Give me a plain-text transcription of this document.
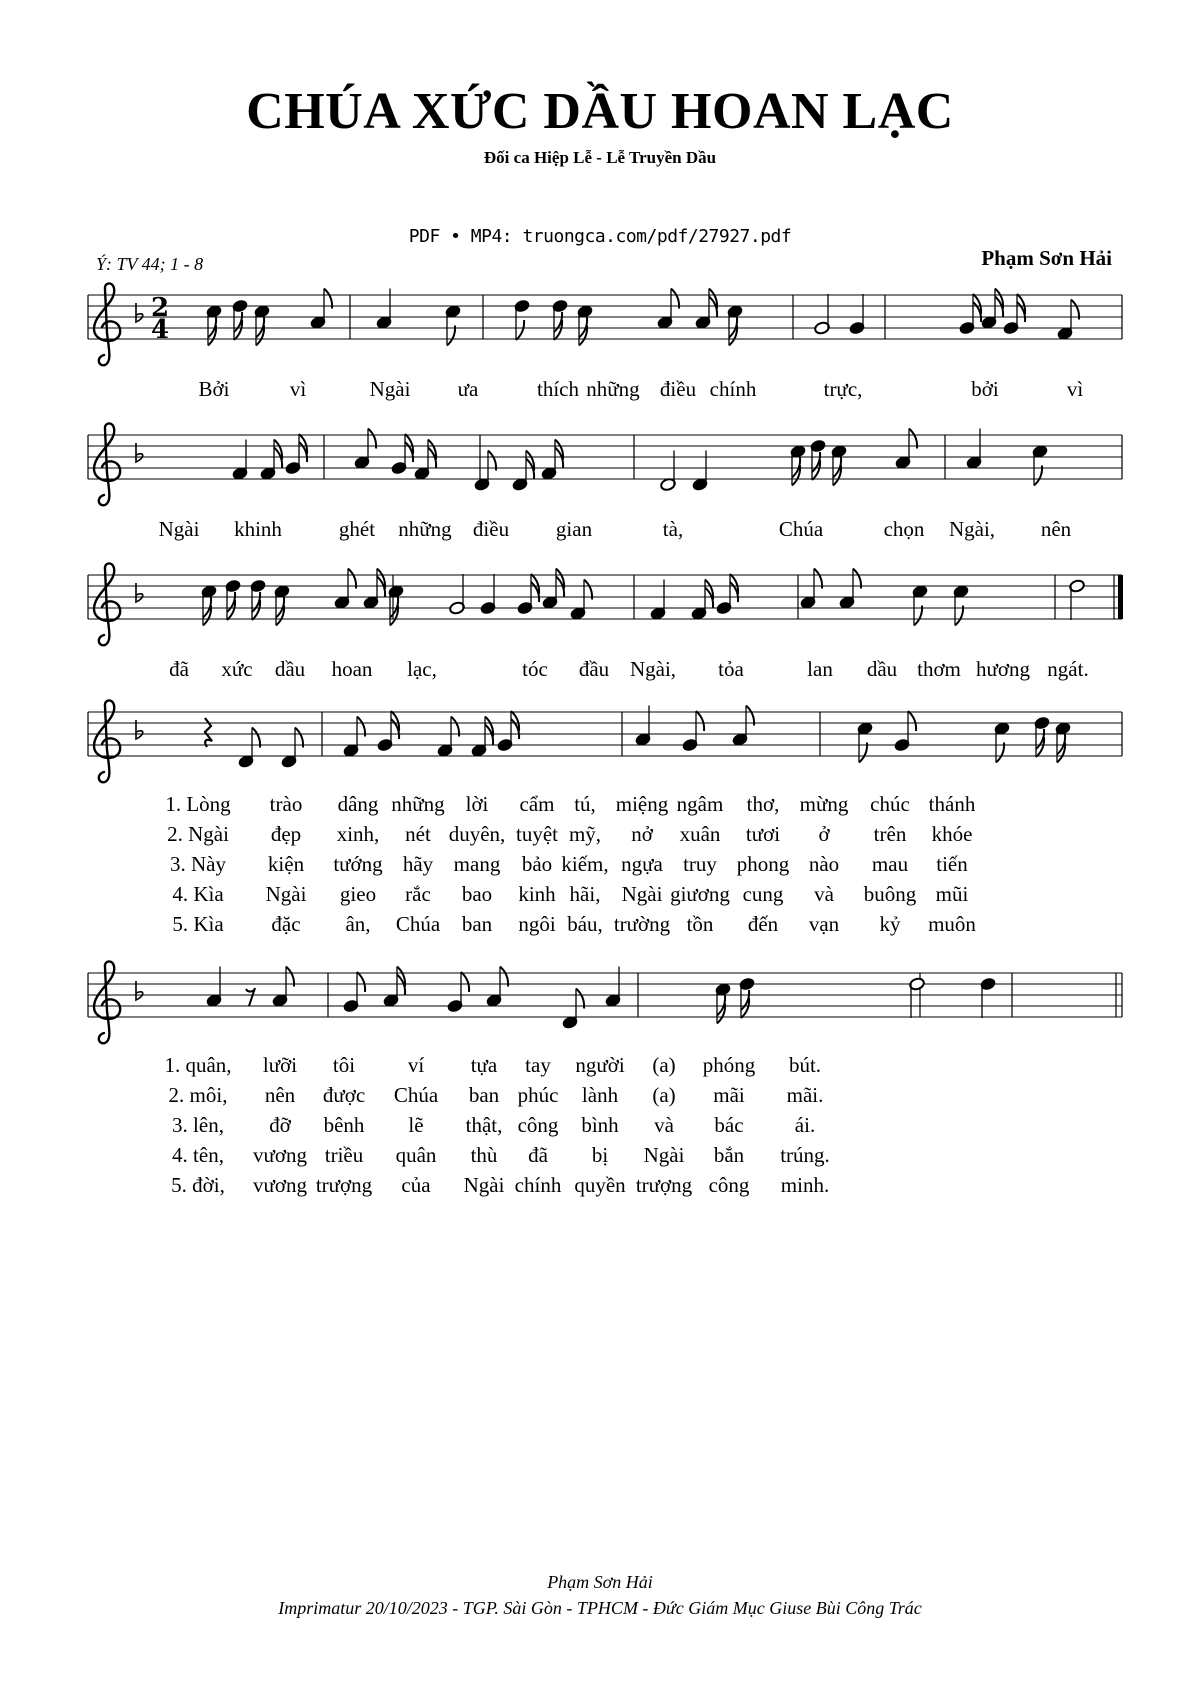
CHÚA XỨC DẦU HOAN LẠC
Đối ca Hiệp Lễ - Lễ Truyền Dầu
PDF • MP4: truongca.com/pdf/27927.pdf
Ý: TV 44; 1 - 8	Phạm Sơn Hải
2
4
Bởi	vì	Ngài ưa	thích những điều chính	trực,	bởi	vì
Ngài khinh	ghét những điều gian	tà,	Chúa	chọn Ngài, nên
đã xức dầu hoan lạc,	tóc đầu Ngài, tỏa	lan dầu thơm hương ngát.
1. Lòng trào dâng những lời cẩm tú, miệng ngâm thơ, mừng chúc thánh
2. Ngài đẹp xinh, nét duyên, tuyệt mỹ, nở xuân tươi ở trên khóe
3. Này kiện tướng hãy mang bảo kiếm, ngựa truy phong nào mau tiến
4. Kìa Ngài gieo rắc bao kinh hãi, Ngài giương cung và buông mũi
5. Kìa đặc ân, Chúa ban ngôi báu, trường tồn đến vạn kỷ muôn
1. quân, lưỡi tôi	ví tựa tay người (a) phóng bút.
2. môi, nên được Chúa ban phúc lành (a) mãi mãi.
3. lên, đỡ bênh lẽ thật, công bình và bác ái.
4. tên, vương triều quân thù đã bị Ngài bắn trúng.
5. đời, vương trượng của Ngài chính quyền trượng công minh.
Phạm Sơn Hải
Imprimatur 20/10/2023 - TGP. Sài Gòn - TPHCM - Đức Giám Mục Giuse Bùi Công Trác
